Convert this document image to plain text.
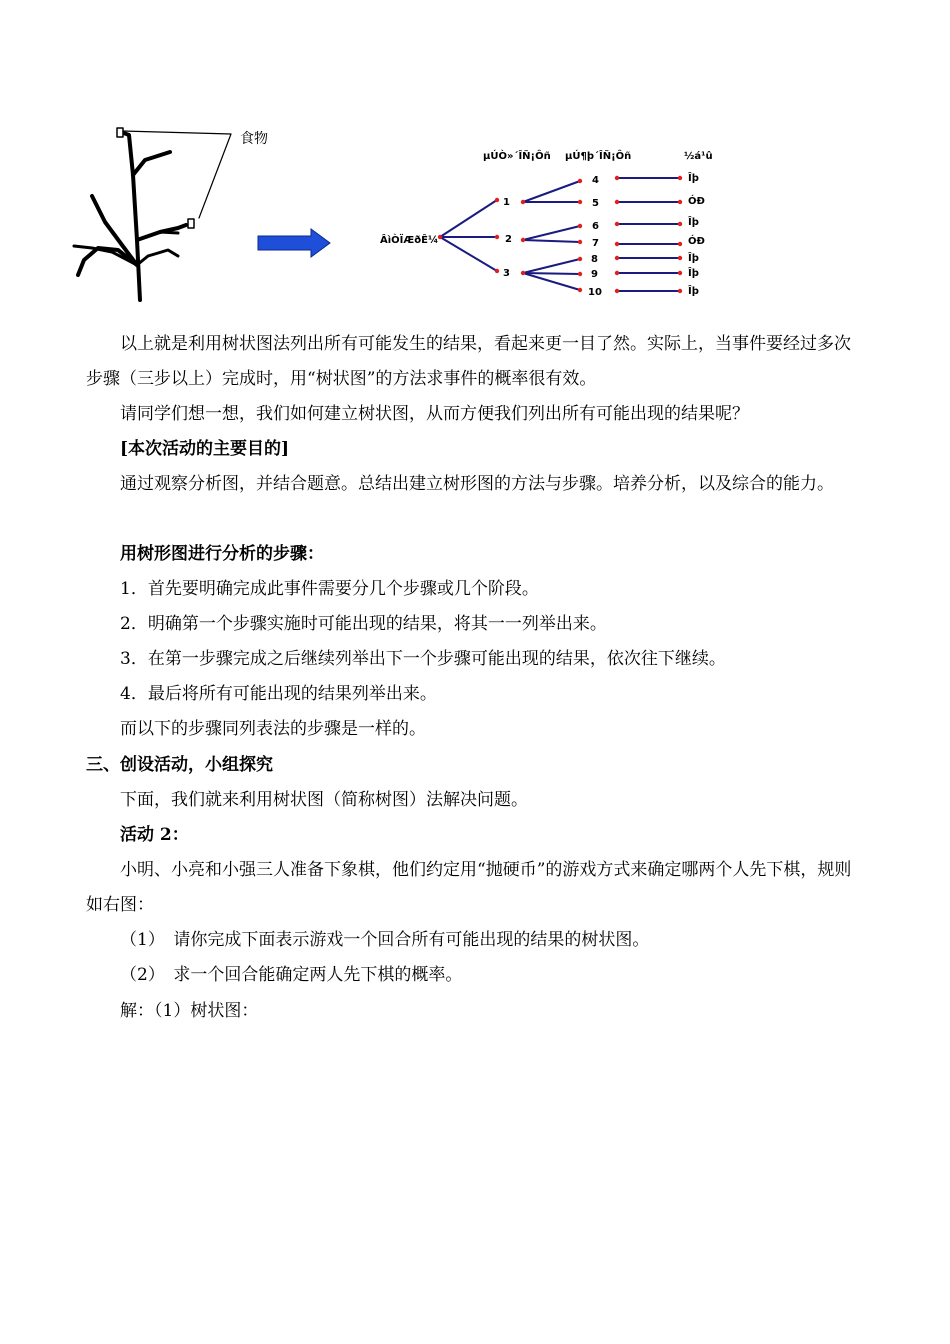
食物
µÚÒ»´ÎÑ¡Ôñ µÚ¶þ´ÎÑ¡Ôñ	½á¹û
ÂìÒÏÆðÊ¼
1
2
3
4
5
6
7
8
9
10
Îþ
ÓÐ
Îþ
ÓÐ
Îþ
Îþ
Îþ

以上就是利用树状图法列出所有可能发生的结果，看起来更一目了然。实际上，当事件要经过多次步骤（三步以上）完成时，用“树状图”的方法求事件的概率很有效。

请同学们想一想，我们如何建立树状图，从而方便我们列出所有可能出现的结果呢？

[本次活动的主要目的]

通过观察分析图，并结合题意。总结出建立树形图的方法与步骤。培养分析，以及综合的能力。

用树形图进行分析的步骤：

1．首先要明确完成此事件需要分几个步骤或几个阶段。

2．明确第一个步骤实施时可能出现的结果，将其一一列举出来。

3．在第一步骤完成之后继续列举出下一个步骤可能出现的结果，依次往下继续。

4．最后将所有可能出现的结果列举出来。

而以下的步骤同列表法的步骤是一样的。

三、创设活动，小组探究

下面，我们就来利用树状图（简称树图）法解决问题。

活动 2：

小明、小亮和小强三人准备下象棋，他们约定用“抛硬币”的游戏方式来确定哪两个人先下棋，规则如右图：

（1）　请你完成下面表示游戏一个回合所有可能出现的结果的树状图。

（2）　求一个回合能确定两人先下棋的概率。

解：（1）树状图：
